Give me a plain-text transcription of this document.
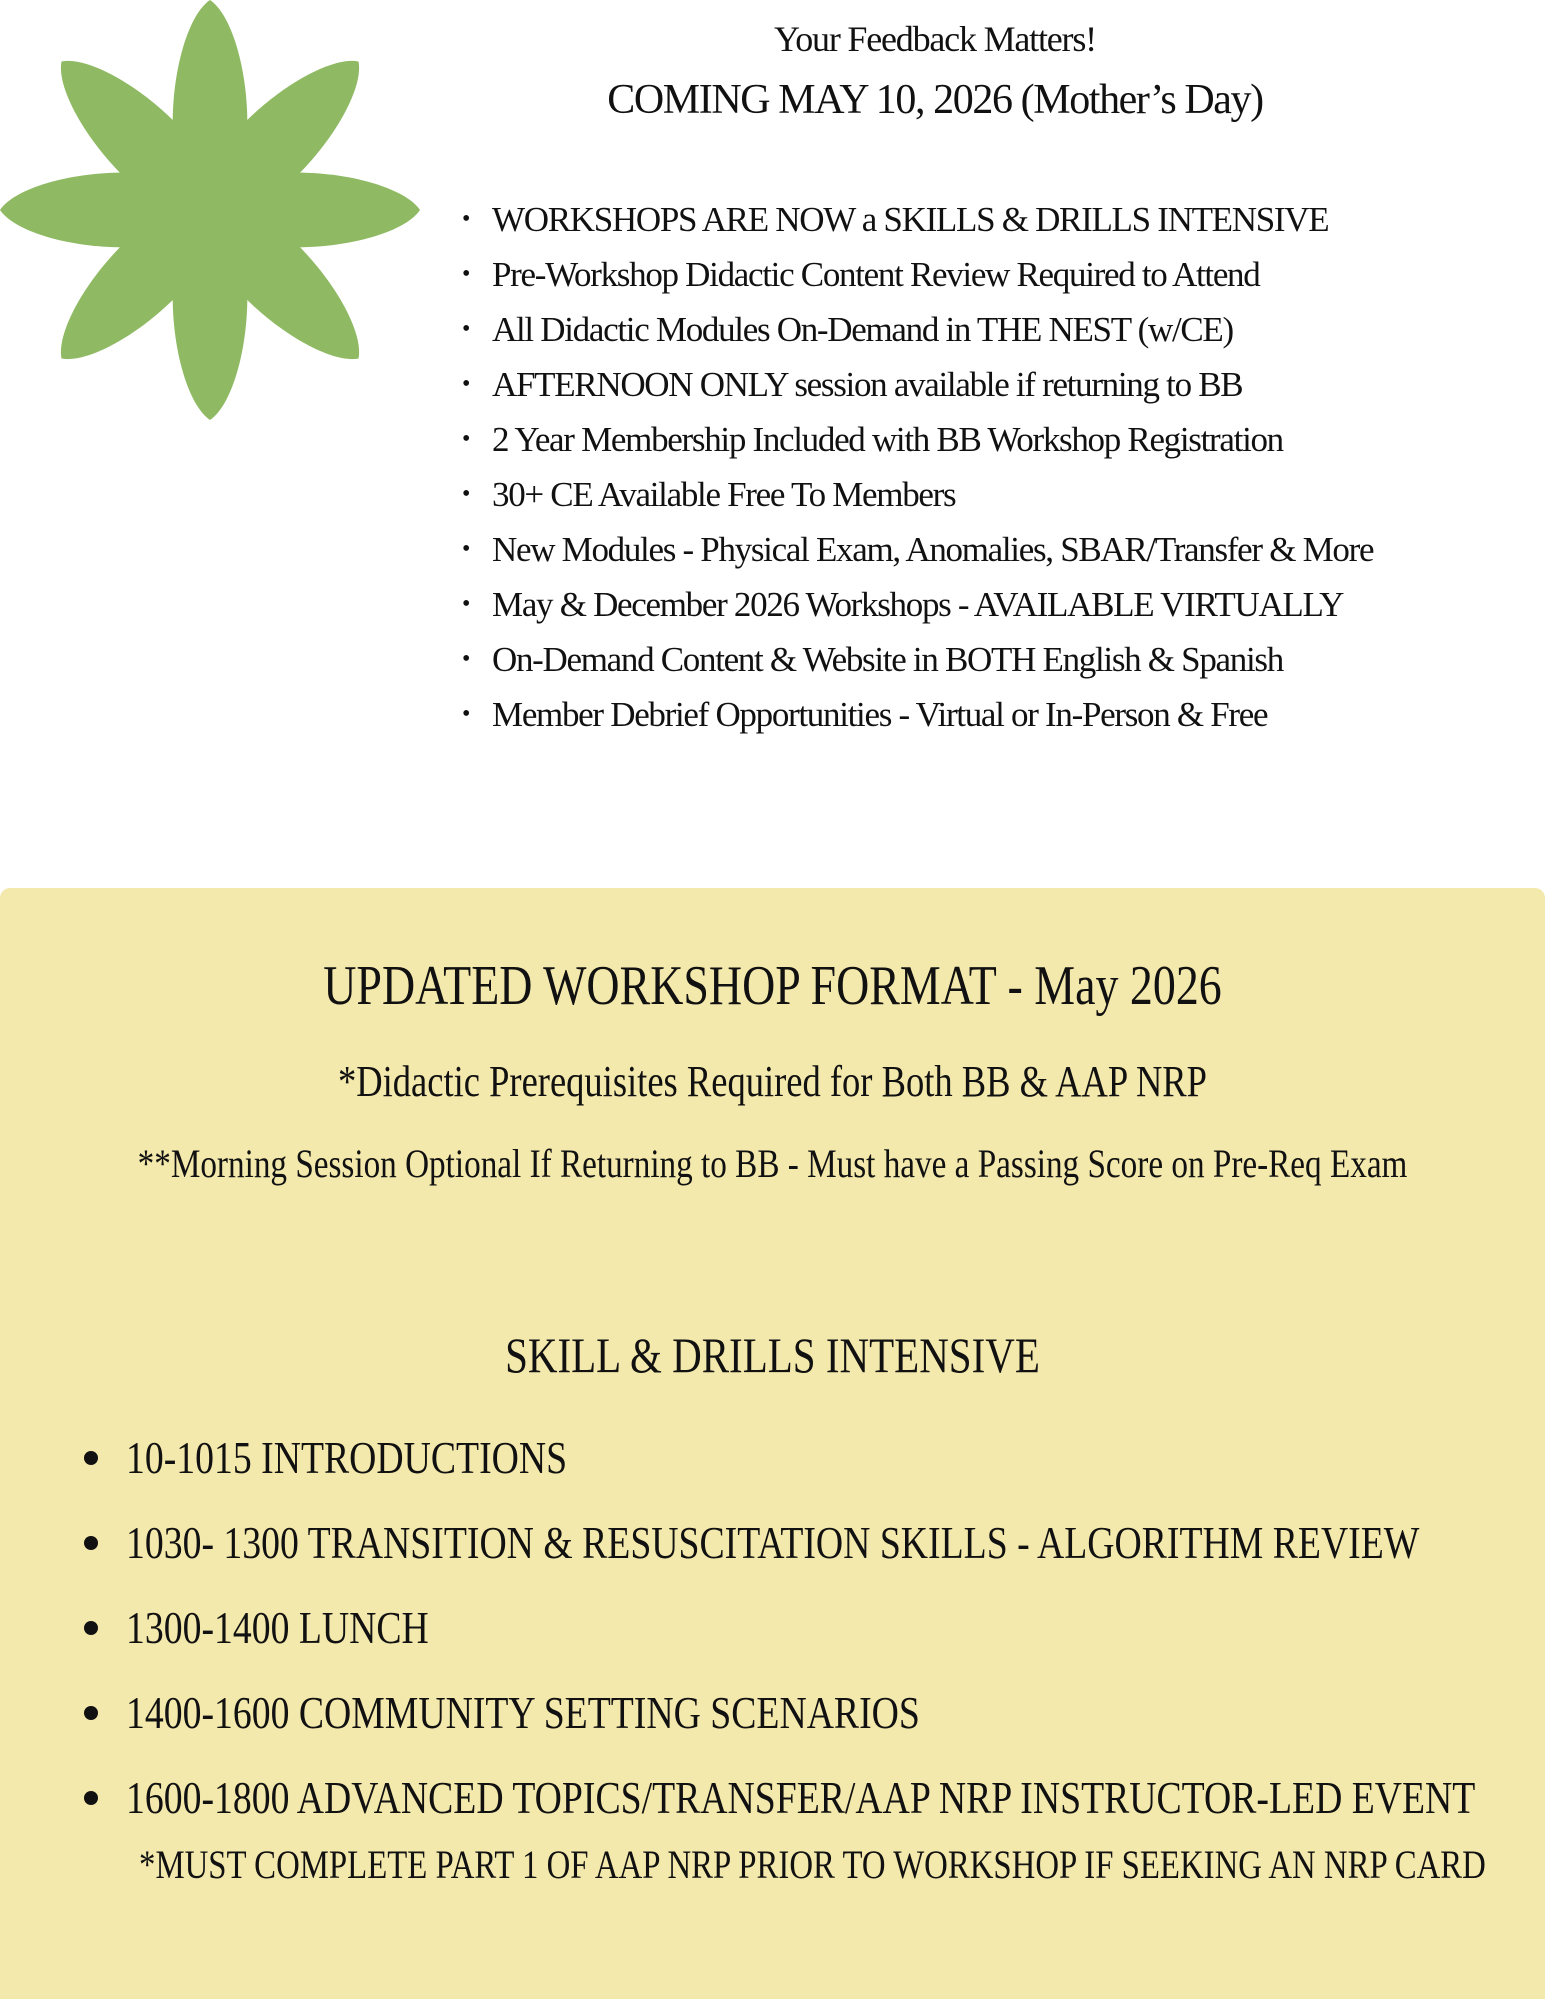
Your Feedback Matters!
COMING MAY 10, 2026 (Mother’s Day)
• WORKSHOPS ARE NOW a SKILLS & DRILLS INTENSIVE
• Pre-Workshop Didactic Content Review Required to Attend
• All Didactic Modules On-Demand in THE NEST (w/CE)
• AFTERNOON ONLY session available if returning to BB
• 2 Year Membership Included with BB Workshop Registration
• 30+ CE Available Free To Members
• New Modules - Physical Exam, Anomalies, SBAR/Transfer & More
• May & December 2026 Workshops - AVAILABLE VIRTUALLY
• On-Demand Content & Website in BOTH English & Spanish
• Member Debrief Opportunities - Virtual or In-Person & Free
UPDATED WORKSHOP FORMAT - May 2026
*Didactic Prerequisites Required for Both BB & AAP NRP
**Morning Session Optional If Returning to BB - Must have a Passing Score on Pre-Req Exam
SKILL & DRILLS INTENSIVE
10-1015 INTRODUCTIONS
1030- 1300 TRANSITION & RESUSCITATION SKILLS - ALGORITHM REVIEW
1300-1400 LUNCH
1400-1600 COMMUNITY SETTING SCENARIOS
1600-1800 ADVANCED TOPICS/TRANSFER/AAP NRP INSTRUCTOR-LED EVENT
*MUST COMPLETE PART 1 OF AAP NRP PRIOR TO WORKSHOP IF SEEKING AN NRP CARD
